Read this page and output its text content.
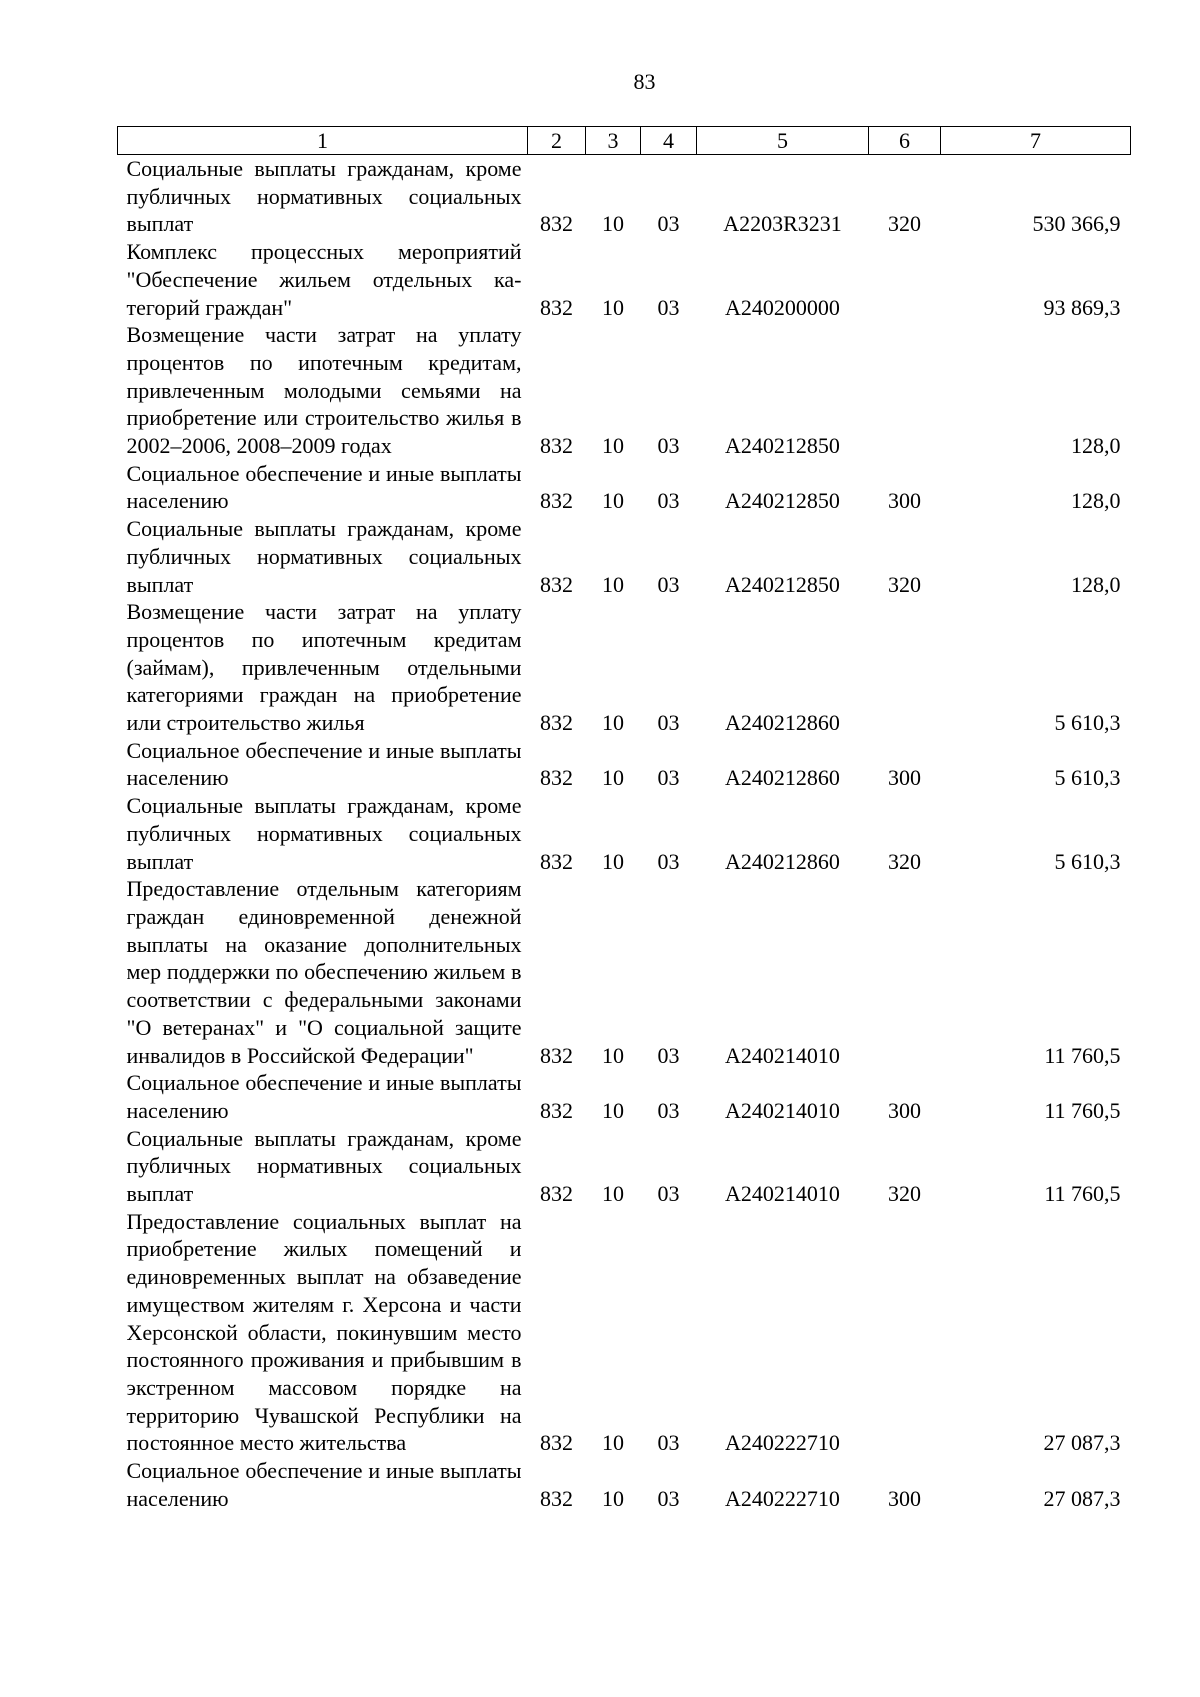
83
1	2	3	4	5	6	7
Социальные выплаты гражданам, кроме публичных нормативных социальных выплат	832	10	03	А2203R3231	320	530 366,9
Комплекс процессных мероприятий "Обеспечение жильем отдельных категорий граждан"	832	10	03	А240200000		93 869,3
Возмещение части затрат на уплату процентов по ипотечным кредитам, привлеченным молодыми семьями на приобретение или строительство жилья в 2002–2006, 2008–2009 годах	832	10	03	А240212850		128,0
Социальное обеспечение и иные выплаты населению	832	10	03	А240212850	300	128,0
Социальные выплаты гражданам, кроме публичных нормативных социальных выплат	832	10	03	А240212850	320	128,0
Возмещение части затрат на уплату процентов по ипотечным кредитам (займам), привлеченным отдельными категориями граждан на приобретение или строительство жилья	832	10	03	А240212860		5 610,3
Социальное обеспечение и иные выплаты населению	832	10	03	А240212860	300	5 610,3
Социальные выплаты гражданам, кроме публичных нормативных социальных выплат	832	10	03	А240212860	320	5 610,3
Предоставление отдельным категориям граждан единовременной денежной выплаты на оказание дополнительных мер поддержки по обеспечению жильем в соответствии с федеральными законами "О ветеранах" и "О социальной защите инвалидов в Российской Федерации"	832	10	03	А240214010		11 760,5
Социальное обеспечение и иные выплаты населению	832	10	03	А240214010	300	11 760,5
Социальные выплаты гражданам, кроме публичных нормативных социальных выплат	832	10	03	А240214010	320	11 760,5
Предоставление социальных выплат на приобретение жилых помещений и единовременных выплат на обзаведение имуществом жителям г. Херсона и части Херсонской области, покинувшим место постоянного проживания и прибывшим в экстренном массовом порядке на территорию Чувашской Республики на постоянное место жительства	832	10	03	А240222710		27 087,3
Социальное обеспечение и иные выплаты населению	832	10	03	А240222710	300	27 087,3
